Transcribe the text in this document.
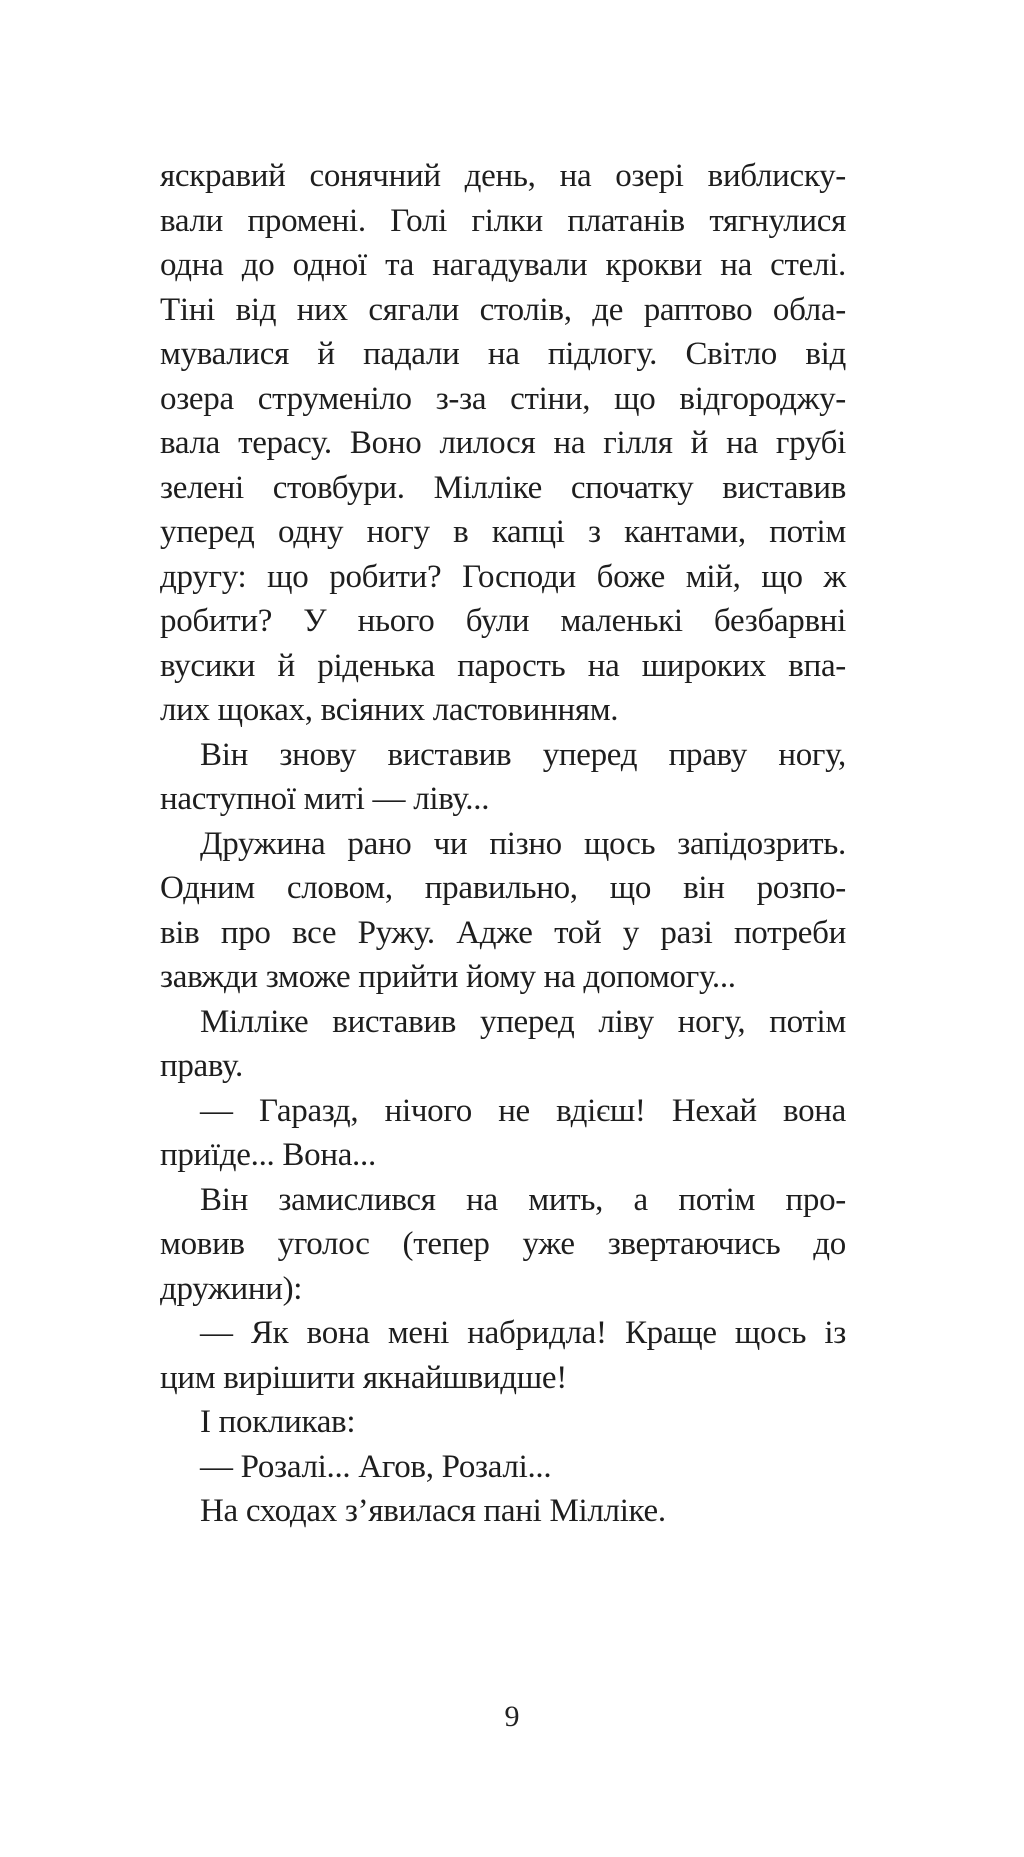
яскравий сонячний день, на озері виблиску-
вали промені. Голі гілки платанів тягнулися
одна до одної та нагадували крокви на стелі.
Тіні від них сягали столів, де раптово обла-
мувалися й падали на підлогу. Світло від
озера струменіло з-за стіни, що відгороджу-
вала терасу. Воно лилося на гілля й на грубі
зелені стовбури. Мілліке спочатку виставив
уперед одну ногу в капці з кантами, потім
другу: що робити? Господи боже мій, що ж
робити? У нього були маленькі безбарвні
вусики й ріденька парость на широких впа-
лих щоках, всіяних ластовинням.
Він знову виставив уперед праву ногу,
наступної миті — ліву...
Дружина рано чи пізно щось запідозрить.
Одним словом, правильно, що він розпо-
вів про все Ружу. Адже той у разі потреби
завжди зможе прийти йому на допомогу...
Мілліке виставив уперед ліву ногу, потім
праву.
— Гаразд, нічого не вдієш! Нехай вона
приїде... Вона...
Він замислився на мить, а потім про-
мовив уголос (тепер уже звертаючись до
дружини):
— Як вона мені набридла! Краще щось із
цим вирішити якнайшвидше!
І покликав:
— Розалі... Агов, Розалі...
На сходах з’явилася пані Мілліке.
9
